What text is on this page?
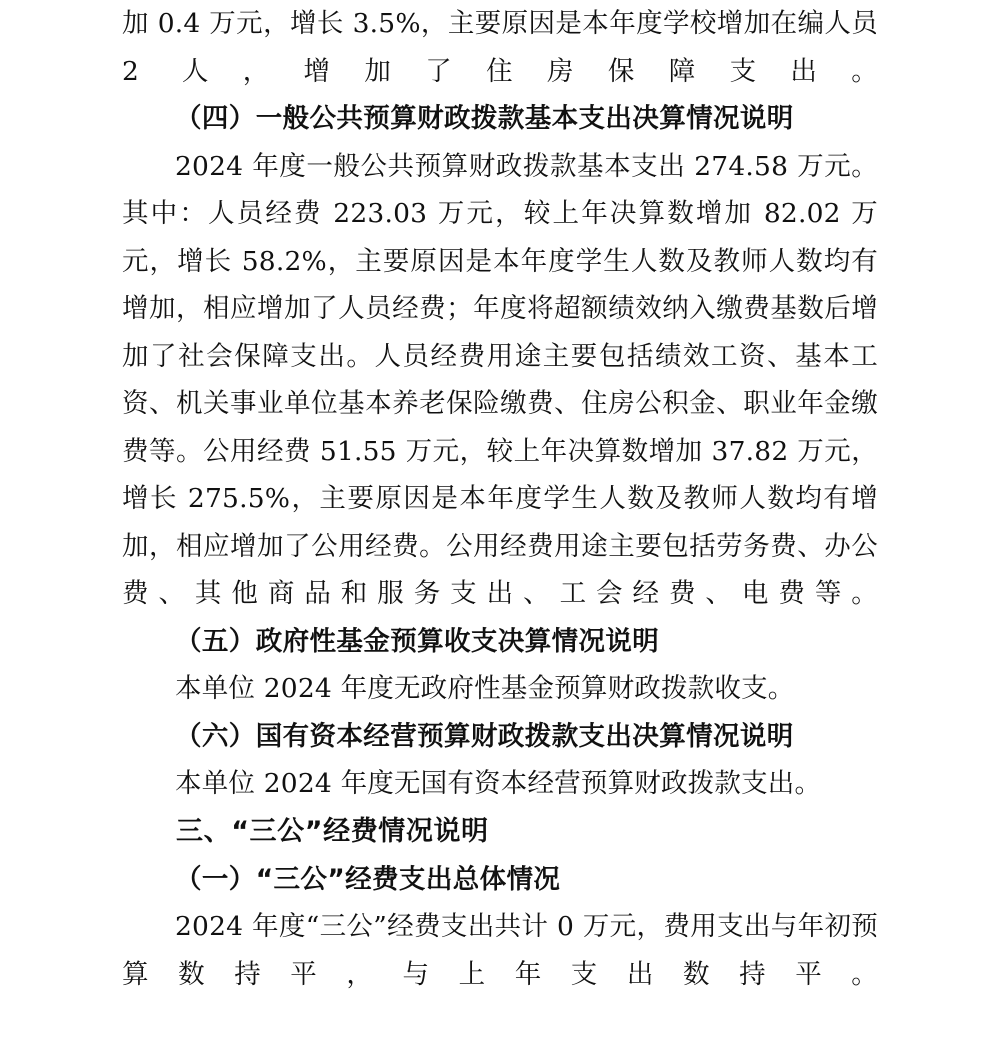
加 0.4 万元，增长 3.5%，主要原因是本年度学校增加在编人员 2 人，增加了住房保障支出。

（四）一般公共预算财政拨款基本支出决算情况说明

2024 年度一般公共预算财政拨款基本支出 274.58 万元。其中：人员经费 223.03 万元，较上年决算数增加 82.02 万元，增长 58.2%，主要原因是本年度学生人数及教师人数均有增加，相应增加了人员经费；年度将超额绩效纳入缴费基数后增加了社会保障支出。人员经费用途主要包括绩效工资、基本工资、机关事业单位基本养老保险缴费、住房公积金、职业年金缴费等。公用经费 51.55 万元，较上年决算数增加 37.82 万元，增长 275.5%，主要原因是本年度学生人数及教师人数均有增加，相应增加了公用经费。公用经费用途主要包括劳务费、办公费、其他商品和服务支出、工会经费、电费等。

（五）政府性基金预算收支决算情况说明

本单位 2024 年度无政府性基金预算财政拨款收支。

（六）国有资本经营预算财政拨款支出决算情况说明

本单位 2024 年度无国有资本经营预算财政拨款支出。

三、“三公”经费情况说明

（一）“三公”经费支出总体情况

2024 年度“三公”经费支出共计 0 万元，费用支出与年初预算数持平，与上年支出数持平。
